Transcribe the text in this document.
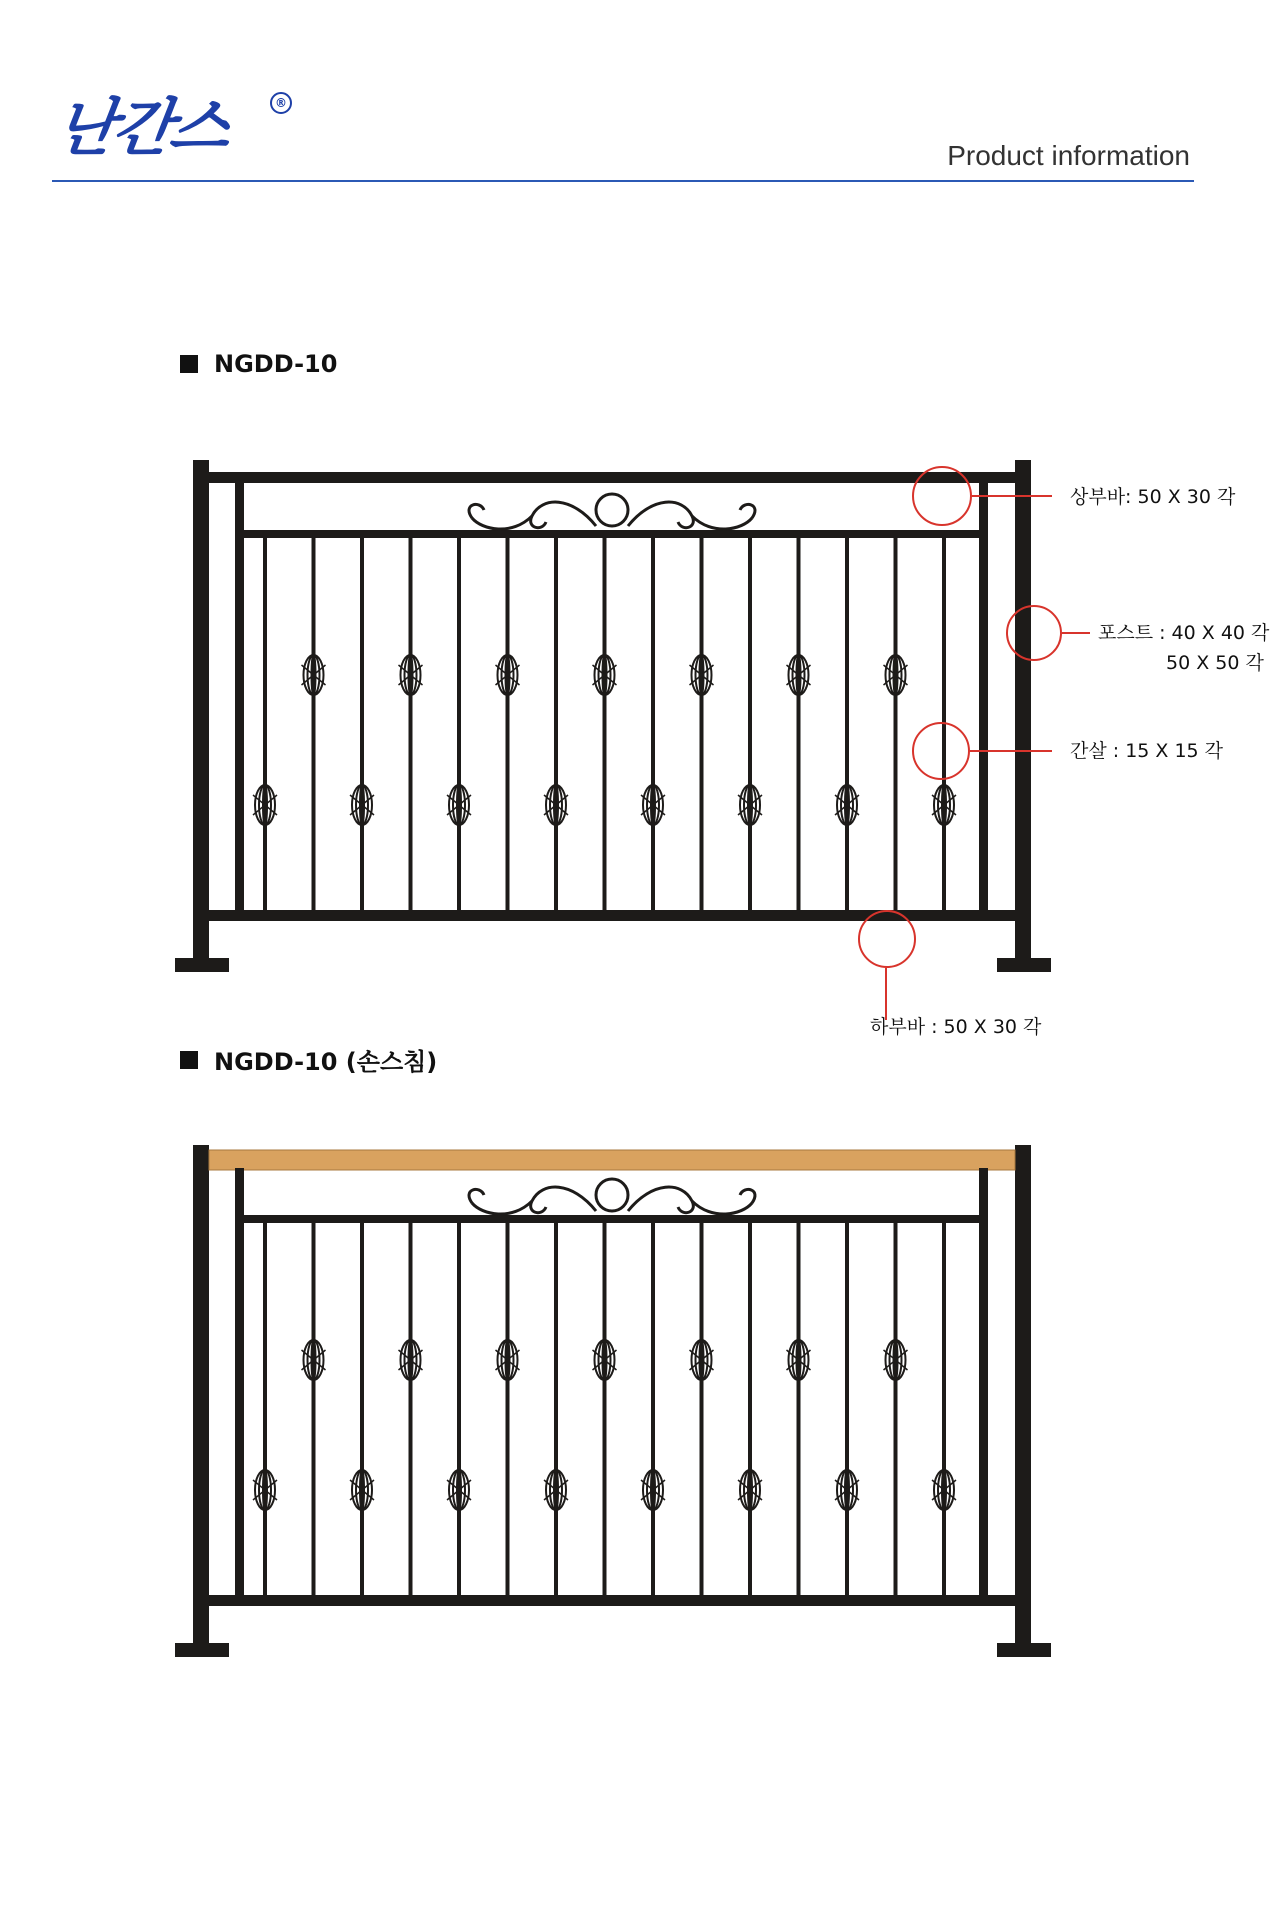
난간스	®
Product information
NGDD-10
상부바: 50 X 30 각
포스트 : 40 X 40 각
50 X 50 각
간살 : 15 X 15 각
하부바 : 50 X 30 각
NGDD-10 (손스침)
